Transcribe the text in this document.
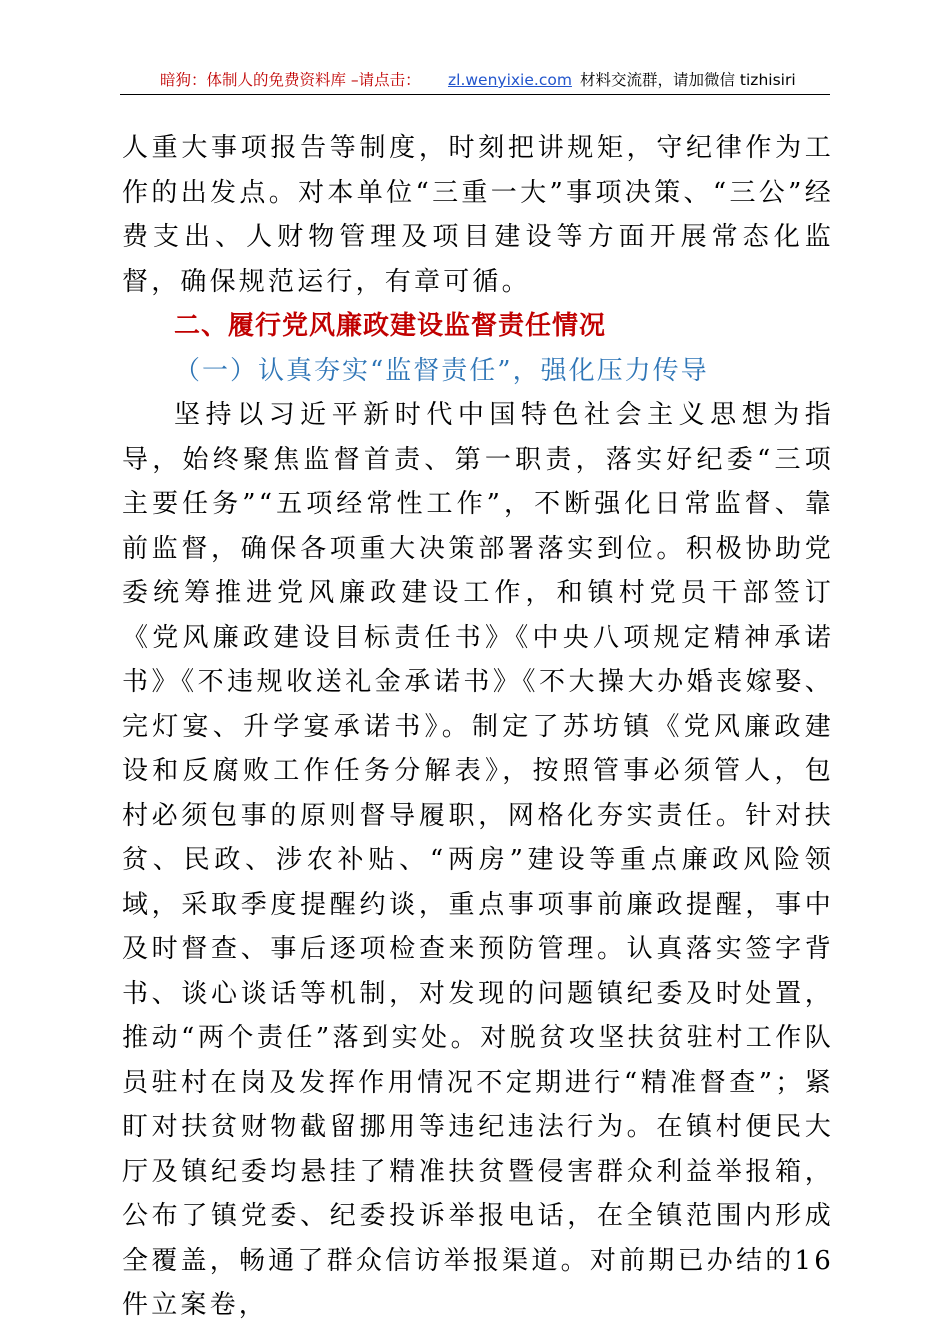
暗狗：体制人的免费资料库 –请点击： zl.wenyixie.com 材料交流群，请加微信 tizhisiri

人重大事项报告等制度，时刻把讲规矩，守纪律作为工作的出发点。对本单位“三重一大”事项决策、“三公”经费支出、人财物管理及项目建设等方面开展常态化监督，确保规范运行，有章可循。

二、履行党风廉政建设监督责任情况
（一）认真夯实“监督责任”，强化压力传导

坚持以习近平新时代中国特色社会主义思想为指导，始终聚焦监督首责、第一职责，落实好纪委“三项主要任务”“五项经常性工作”，不断强化日常监督、靠前监督，确保各项重大决策部署落实到位。积极协助党委统筹推进党风廉政建设工作，和镇村党员干部签订《党风廉政建设目标责任书》《中央八项规定精神承诺书》《不违规收送礼金承诺书》《不大操大办婚丧嫁娶、完灯宴、升学宴承诺书》。制定了苏坊镇《党风廉政建设和反腐败工作任务分解表》，按照管事必须管人，包村必须包事的原则督导履职，网格化夯实责任。针对扶贫、民政、涉农补贴、“两房”建设等重点廉政风险领域，采取季度提醒约谈，重点事项事前廉政提醒，事中及时督查、事后逐项检查来预防管理。认真落实签字背书、谈心谈话等机制，对发现的问题镇纪委及时处置，推动“两个责任”落到实处。对脱贫攻坚扶贫驻村工作队员驻村在岗及发挥作用情况不定期进行“精准督查”；紧盯对扶贫财物截留挪用等违纪违法行为。在镇村便民大厅及镇纪委均悬挂了精准扶贫暨侵害群众利益举报箱，公布了镇党委、纪委投诉举报电话，在全镇范围内形成全覆盖，畅通了群众信访举报渠道。对前期已办结的16件立案卷，
